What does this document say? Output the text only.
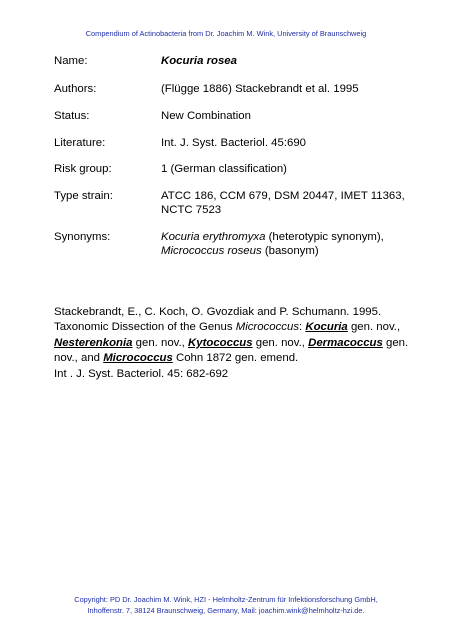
Compendium of Actinobacteria from Dr. Joachim M. Wink, University of Braunschweig
Name:	Kocuria rosea
Authors:	(Flügge 1886) Stackebrandt et al. 1995
Status:	New Combination
Literature:	Int. J. Syst. Bacteriol. 45:690
Risk group:	1 (German classification)
Type strain:	ATCC 186, CCM 679, DSM 20447, IMET 11363,
NCTC 7523
Synonyms:	Kocuria erythromyxa (heterotypic synonym),
Micrococcus roseus (basonym)
Stackebrandt, E., C. Koch, O. Gvozdiak and P. Schumann. 1995.
Taxonomic Dissection of the Genus Micrococcus: Kocuria gen. nov.,
Nesterenkonia gen. nov., Kytococcus gen. nov., Dermacoccus gen.
nov., and Micrococcus Cohn 1872 gen. emend.
Int . J. Syst. Bacteriol. 45: 682-692
Copyright: PD Dr. Joachim M. Wink, HZI - Helmholtz-Zentrum für Infektionsforschung GmbH,
Inhoffenstr. 7, 38124 Braunschweig, Germany, Mail: joachim.wink@helmholtz-hzi.de.
